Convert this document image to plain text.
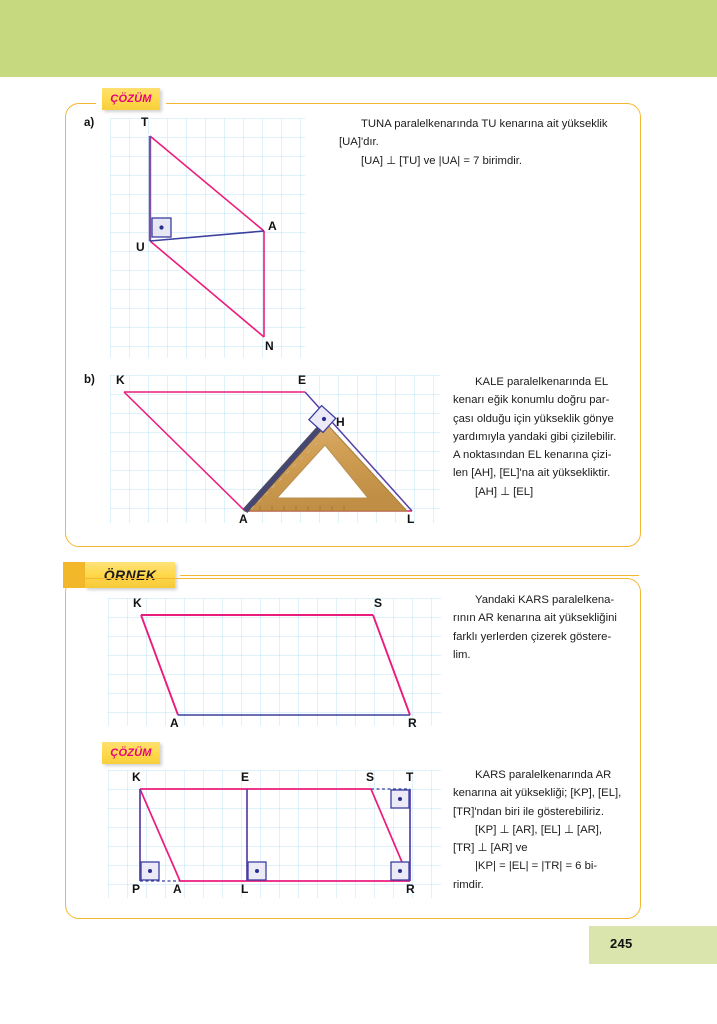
ÇÖZÜM
a)	T
U
A
N

TUNA paralelkenarında TU kenarına ait yükseklik

[UA]'dır.

[UA] ⊥ [TU] ve |UA| = 7 birimdir.

b) K	E
H
A	L

KALE paralelkenarında EL

kenarı eğik konumlu doğru par-

çası olduğu için yükseklik gönye

yardımıyla yandaki gibi çizilebilir.

A noktasından EL kenarına çizi-

len [AH], [EL]'na ait yüksekliktir.

[AH] ⊥ [EL]

ÖRNEK
K	S
A	R

Yandaki KARS paralelkena-

rının AR kenarına ait yüksekliğini

farklı yerlerden çizerek göstere-

lim.

ÇÖZÜM
K	E	S	T
P	A	L	R

KARS paralelkenarında AR

kenarına ait yüksekliği; [KP], [EL],

[TR]'ndan biri ile gösterebiliriz.

[KP] ⊥ [AR], [EL] ⊥ [AR],

[TR] ⊥ [AR] ve

|KP| = |EL| = |TR| = 6 bi-

rimdir.

245
